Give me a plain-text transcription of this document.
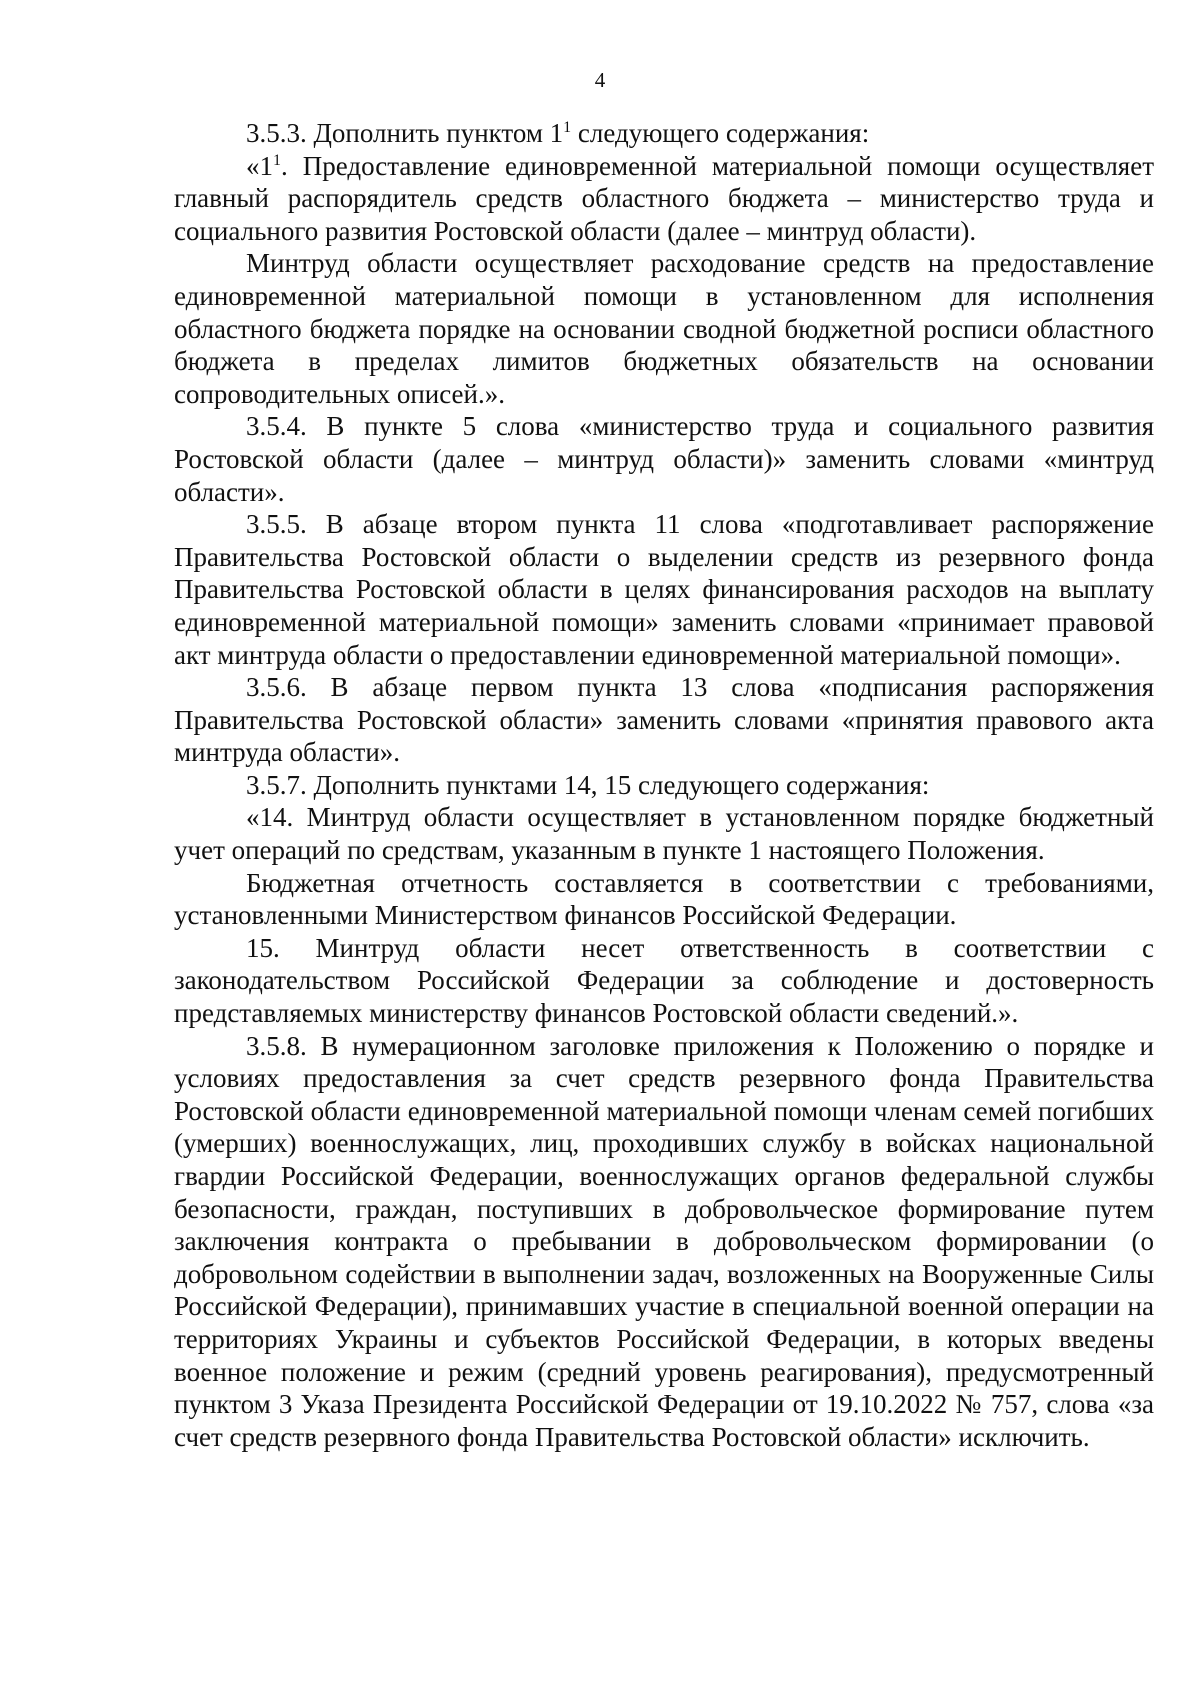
4

3.5.3. Дополнить пунктом $1^1$ следующего содержания:

«$1^1$. Предоставление единовременной материальной помощи осуществляет главный распорядитель средств областного бюджета – министерство труда и социального развития Ростовской области (далее – минтруд области).

Минтруд области осуществляет расходование средств на предоставление единовременной материальной помощи в установленном для исполнения областного бюджета порядке на основании сводной бюджетной росписи областного бюджета в пределах лимитов бюджетных обязательств на основании сопроводительных описей.».

3.5.4. В пункте 5 слова «министерство труда и социального развития Ростовской области (далее – минтруд области)» заменить словами «минтруд области».

3.5.5. В абзаце втором пункта 11 слова «подготавливает распоряжение Правительства Ростовской области о выделении средств из резервного фонда Правительства Ростовской области в целях финансирования расходов на выплату единовременной материальной помощи» заменить словами «принимает правовой акт минтруда области о предоставлении единовременной материальной помощи».

3.5.6. В абзаце первом пункта 13 слова «подписания распоряжения Правительства Ростовской области» заменить словами «принятия правового акта минтруда области».

3.5.7. Дополнить пунктами 14, 15 следующего содержания:

«14. Минтруд области осуществляет в установленном порядке бюджетный учет операций по средствам, указанным в пункте 1 настоящего Положения.

Бюджетная отчетность составляется в соответствии с требованиями, установленными Министерством финансов Российской Федерации.

15. Минтруд области несет ответственность в соответствии с законодательством Российской Федерации за соблюдение и достоверность представляемых министерству финансов Ростовской области сведений.».

3.5.8. В нумерационном заголовке приложения к Положению о порядке и условиях предоставления за счет средств резервного фонда Правительства Ростовской области единовременной материальной помощи членам семей погибших (умерших) военнослужащих, лиц, проходивших службу в войсках национальной гвардии Российской Федерации, военнослужащих органов федеральной службы безопасности, граждан, поступивших в добровольческое формирование путем заключения контракта о пребывании в добровольческом формировании (о добровольном содействии в выполнении задач, возложенных на Вооруженные Силы Российской Федерации), принимавших участие в специальной военной операции на территориях Украины и субъектов Российской Федерации, в которых введены военное положение и режим (средний уровень реагирования), предусмотренный пунктом 3 Указа Президента Российской Федерации от 19.10.2022 № 757, слова «за счет средств резервного фонда Правительства Ростовской области» исключить.
